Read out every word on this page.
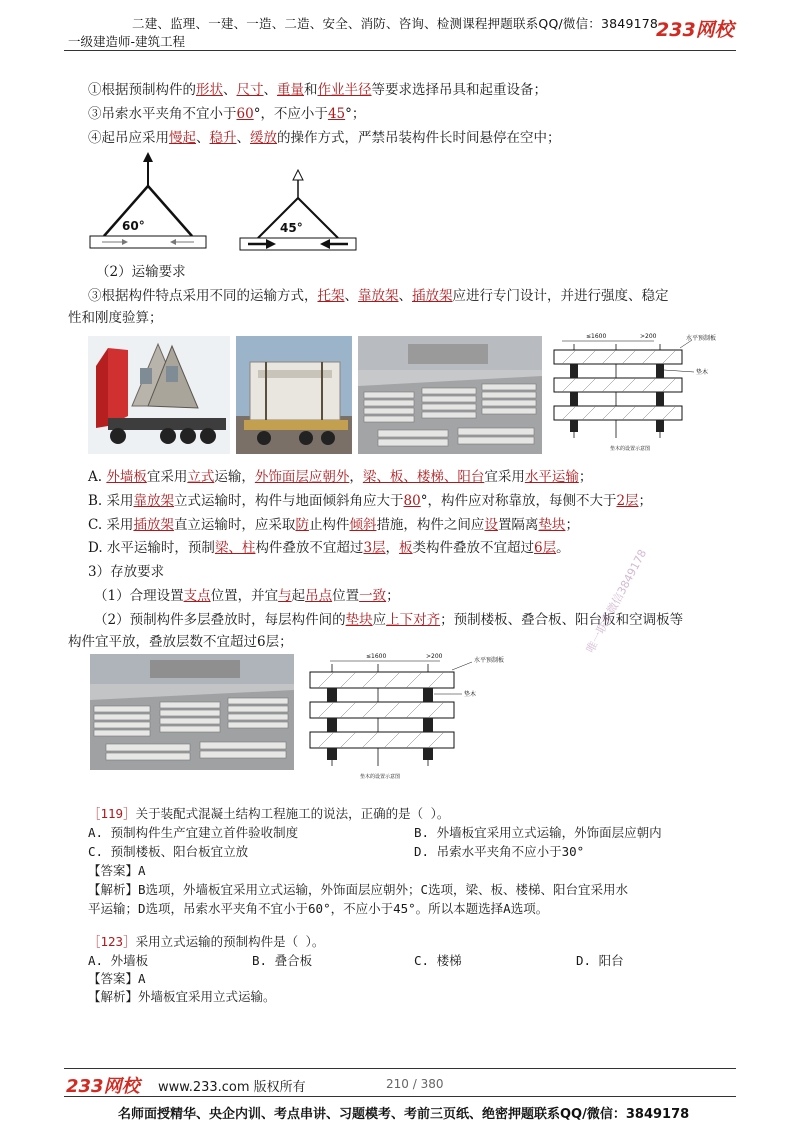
二建、监理、一建、一造、二造、安全、消防、咨询、检测课程押题联系QQ/微信：3849178
一级建造师-建筑工程
233网校
①根据预制构件的形状、尺寸、重量和作业半径等要求选择吊具和起重设备；
③吊索水平夹角不宜小于60°，不应小于45°；
④起吊应采用慢起、稳升、缓放的操作方式，严禁吊装构件长时间悬停在空中；
60°	45°
（2）运输要求
③根据构件特点采用不同的运输方式，托架、靠放架、插放架应进行专门设计，并进行强度、稳定
性和刚度验算；
≤1600	>200	水平预制板
垫木
垫木的设置示意图
A. 外墙板宜采用立式运输，外饰面层应朝外，梁、板、楼梯、阳台宜采用水平运输；
B. 采用靠放架立式运输时，构件与地面倾斜角应大于80°，构件应对称靠放，每侧不大于2层；
C. 采用插放架直立运输时，应采取防止构件倾斜措施，构件之间应设置隔离垫块；
D. 水平运输时，预制梁、柱构件叠放不宜超过3层，板类构件叠放不宜超过6层。
3）存放要求
（1）合理设置支点位置，并宜与起吊点位置一致；
（2）预制构件多层叠放时，每层构件间的垫块应上下对齐；预制楼板、叠合板、阳台板和空调板等
构件宜平放，叠放层数不宜超过6层；
≤1600	>200
水平预制板
垫木
垫木的设置示意图
唯一联系微信3849178
［119］关于装配式混凝土结构工程施工的说法，正确的是（ ）。
A. 预制构件生产宜建立首件验收制度	B. 外墙板宜采用立式运输，外饰面层应朝内
C. 预制楼板、阳台板宜立放	D. 吊索水平夹角不应小于30°
【答案】A
【解析】B选项，外墙板宜采用立式运输，外饰面层应朝外；C选项，梁、板、楼梯、阳台宜采用水
平运输；D选项，吊索水平夹角不宜小于60°，不应小于45°。所以本题选择A选项。
［123］采用立式运输的预制构件是（ ）。
A. 外墙板	B. 叠合板	C. 楼梯	D. 阳台
【答案】A
【解析】外墙板宜采用立式运输。
233网校 www.233.com 版权所有	210 / 380
名师面授精华、央企内训、考点串讲、习题模考、考前三页纸、绝密押题联系QQ/微信：3849178
